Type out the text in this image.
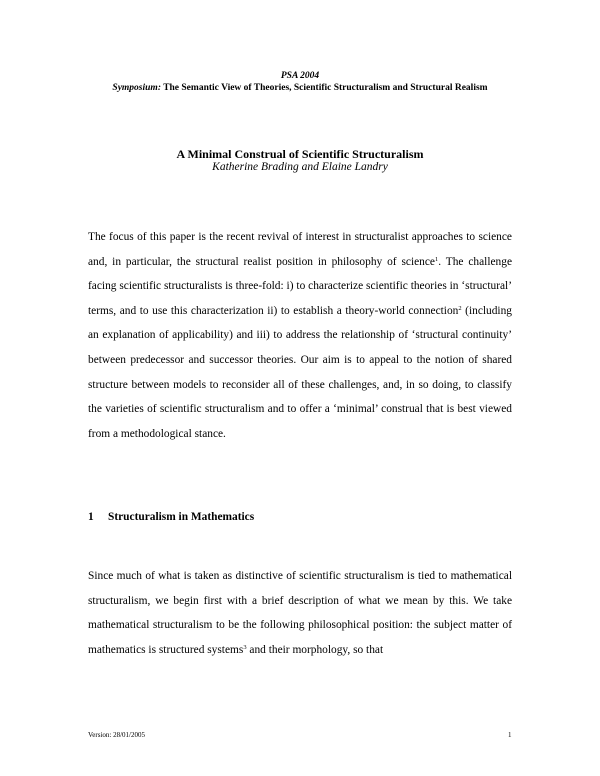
PSA 2004
Symposium: The Semantic View of Theories, Scientific Structuralism and Structural Realism
A Minimal Construal of Scientific Structuralism
Katherine Brading and Elaine Landry

The focus of this paper is the recent revival of interest in structuralist approaches to science and, in particular, the structural realist position in philosophy of science$^1$. The challenge facing scientific structuralists is three-fold: i) to characterize scientific theories in ‘structural’ terms, and to use this characterization ii) to establish a theory-world connection$^2$ (including an explanation of applicability) and iii) to address the relationship of ‘structural continuity’ between predecessor and successor theories. Our aim is to appeal to the notion of shared structure between models to reconsider all of these challenges, and, in so doing, to classify the varieties of scientific structuralism and to offer a ‘minimal’ construal that is best viewed from a methodological stance.

1 Structuralism in Mathematics

Since much of what is taken as distinctive of scientific structuralism is tied to mathematical structuralism, we begin first with a brief description of what we mean by this. We take mathematical structuralism to be the following philosophical position: the subject matter of mathematics is structured systems$^3$ and their morphology, so that

Version: 28/01/2005	1
